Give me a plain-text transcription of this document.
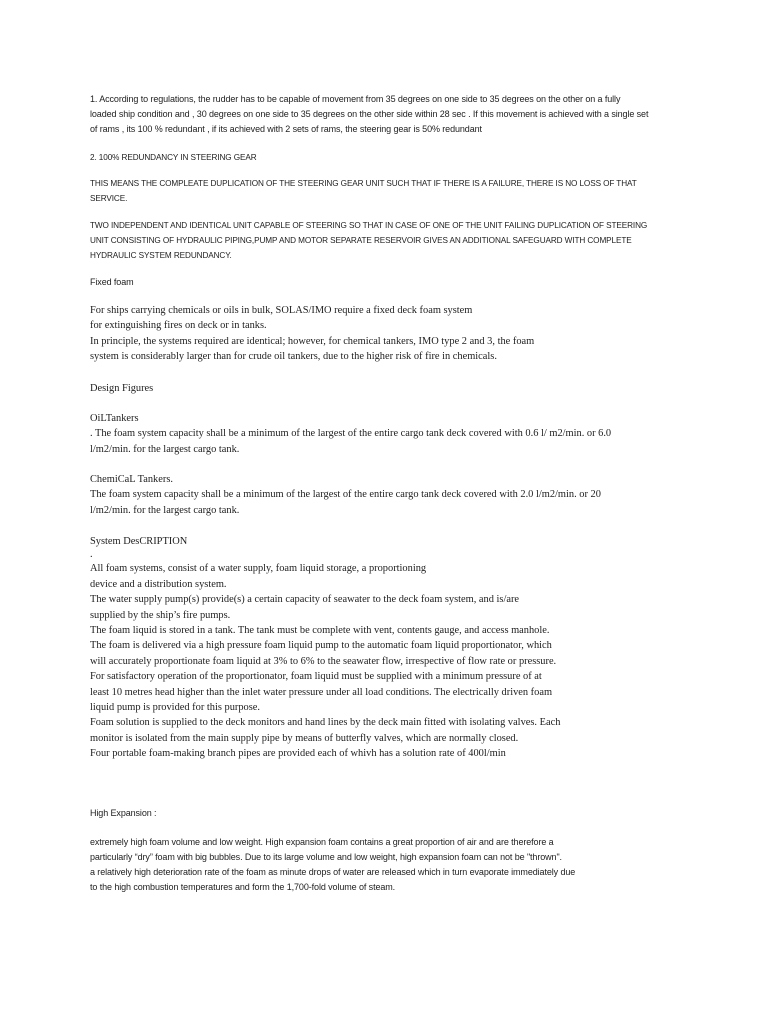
1. According to regulations, the rudder has to be capable of movement from 35 degrees on one side to 35 degrees on the other on a fully
loaded ship condition and , 30 degrees on one side to 35 degrees on the other side within 28 sec . If this movement is achieved with a single set
of rams , its 100 % redundant , if its achieved with 2 sets of rams, the steering gear is 50% redundant
2. 100% REDUNDANCY IN STEERING GEAR
THIS MEANS THE COMPLEATE DUPLICATION OF THE STEERING GEAR UNIT SUCH THAT IF THERE IS A FAILURE, THERE IS NO LOSS OF THAT
SERVICE.
TWO INDEPENDENT AND IDENTICAL UNIT CAPABLE OF STEERING SO THAT IN CASE OF ONE OF THE UNIT FAILING DUPLICATION OF STEERING
UNIT CONSISTING OF HYDRAULIC PIPING,PUMP AND MOTOR SEPARATE RESERVOIR GIVES AN ADDITIONAL SAFEGUARD WITH COMPLETE
HYDRAULIC SYSTEM REDUNDANCY.
Fixed foam
For ships carrying chemicals or oils in bulk, SOLAS/IMO require a fixed deck foam system
for extinguishing fires on deck or in tanks.
In principle, the systems required are identical; however, for chemical tankers, IMO type 2 and 3, the foam
system is considerably larger than for crude oil tankers, due to the higher risk of fire in chemicals.
Design Figures
OiLTankers
. The foam system capacity shall be a minimum of the largest of the entire cargo tank deck covered with 0.6 l/ m2/min. or 6.0
l/m2/min. for the largest cargo tank.
ChemiCaL Tankers.
The foam system capacity shall be a minimum of the largest of the entire cargo tank deck covered with 2.0 l/m2/min. or 20
l/m2/min. for the largest cargo tank.
System DesCRIPTION
.
All foam systems, consist of a water supply, foam liquid storage, a proportioning
device and a distribution system.
The water supply pump(s) provide(s) a certain capacity of seawater to the deck foam system, and is/are
supplied by the ship’s fire pumps.
The foam liquid is stored in a tank. The tank must be complete with vent, contents gauge, and access manhole.
The foam is delivered via a high pressure foam liquid pump to the automatic foam liquid proportionator, which
will accurately proportionate foam liquid at 3% to 6% to the seawater flow, irrespective of flow rate or pressure.
For satisfactory operation of the proportionator, foam liquid must be supplied with a minimum pressure of at
least 10 metres head higher than the inlet water pressure under all load conditions. The electrically driven foam
liquid pump is provided for this purpose.
Foam solution is supplied to the deck monitors and hand lines by the deck main fitted with isolating valves. Each
monitor is isolated from the main supply pipe by means of butterfly valves, which are normally closed.
Four portable foam-making branch pipes are provided each of whivh has a solution rate of 400l/min
High Expansion :
extremely high foam volume and low weight. High expansion foam contains a great proportion of air and are therefore a
particularly “dry” foam with big bubbles. Due to its large volume and low weight, high expansion foam can not be "thrown".
a relatively high deterioration rate of the foam as minute drops of water are released which in turn evaporate immediately due
to the high combustion temperatures and form the 1,700-fold volume of steam.
